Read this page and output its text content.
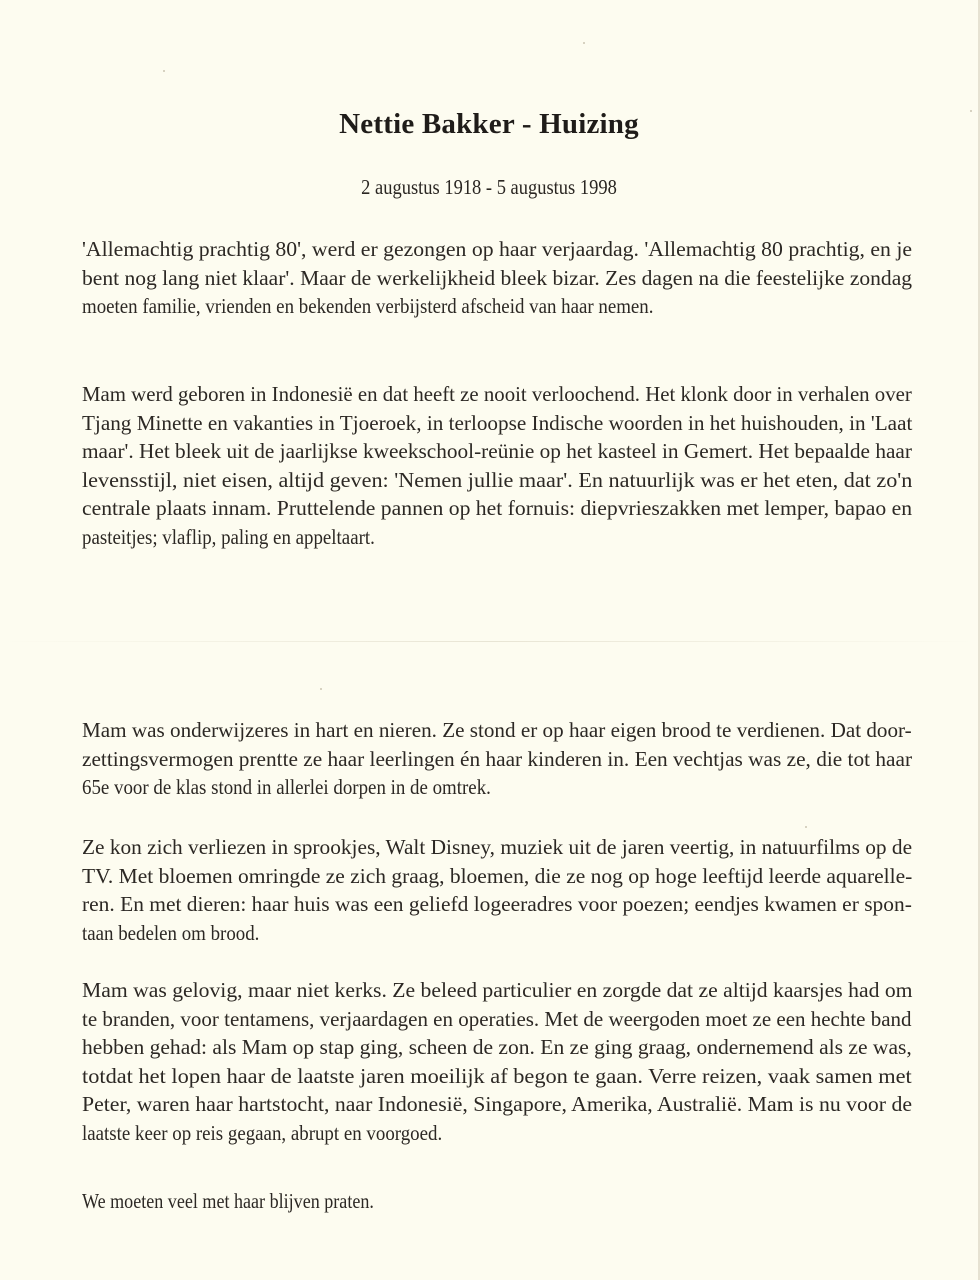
Nettie Bakker - Huizing
2 augustus 1918 - 5 augustus 1998
'Allemachtig prachtig 80', werd er gezongen op haar verjaardag. 'Allemachtig 80 prachtig, en je
bent nog lang niet klaar'. Maar de werkelijkheid bleek bizar. Zes dagen na die feestelijke zondag
moeten familie, vrienden en bekenden verbijsterd afscheid van haar nemen.
Mam werd geboren in Indonesië en dat heeft ze nooit verloochend. Het klonk door in verhalen over
Tjang Minette en vakanties in Tjoeroek, in terloopse Indische woorden in het huishouden, in 'Laat
maar'. Het bleek uit de jaarlijkse kweekschool-reünie op het kasteel in Gemert. Het bepaalde haar
levensstijl, niet eisen, altijd geven: 'Nemen jullie maar'. En natuurlijk was er het eten, dat zo'n
centrale plaats innam. Pruttelende pannen op het fornuis: diepvrieszakken met lemper, bapao en
pasteitjes; vlaflip, paling en appeltaart.
Mam was onderwijzeres in hart en nieren. Ze stond er op haar eigen brood te verdienen. Dat door-
zettingsvermogen prentte ze haar leerlingen én haar kinderen in. Een vechtjas was ze, die tot haar
65e voor de klas stond in allerlei dorpen in de omtrek.
Ze kon zich verliezen in sprookjes, Walt Disney, muziek uit de jaren veertig, in natuurfilms op de
TV. Met bloemen omringde ze zich graag, bloemen, die ze nog op hoge leeftijd leerde aquarelle-
ren. En met dieren: haar huis was een geliefd logeeradres voor poezen; eendjes kwamen er spon-
taan bedelen om brood.
Mam was gelovig, maar niet kerks. Ze beleed particulier en zorgde dat ze altijd kaarsjes had om
te branden, voor tentamens, verjaardagen en operaties. Met de weergoden moet ze een hechte band
hebben gehad: als Mam op stap ging, scheen de zon. En ze ging graag, ondernemend als ze was,
totdat het lopen haar de laatste jaren moeilijk af begon te gaan. Verre reizen, vaak samen met
Peter, waren haar hartstocht, naar Indonesië, Singapore, Amerika, Australië. Mam is nu voor de
laatste keer op reis gegaan, abrupt en voorgoed.
We moeten veel met haar blijven praten.
